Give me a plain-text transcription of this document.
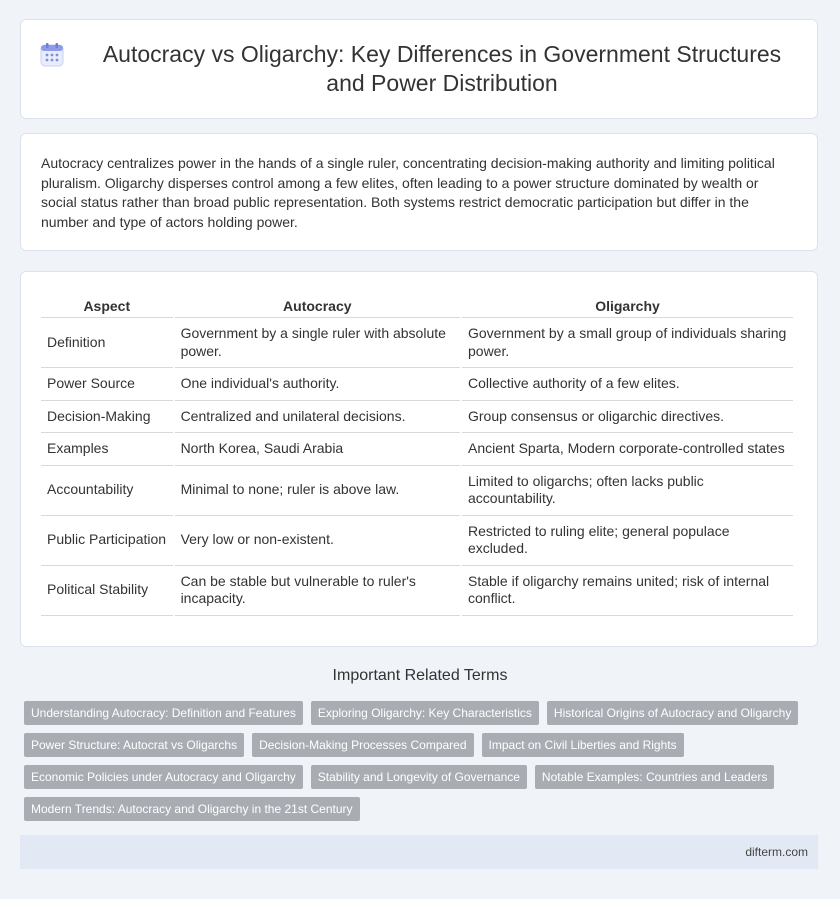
Autocracy vs Oligarchy: Key Differences in Government Structures and Power Distribution

Autocracy centralizes power in the hands of a single ruler, concentrating decision-making authority and limiting political pluralism. Oligarchy disperses control among a few elites, often leading to a power structure dominated by wealth or social status rather than broad public representation. Both systems restrict democratic participation but differ in the number and type of actors holding power.

Aspect	Autocracy	Oligarchy
Definition	Government by a single ruler with absolute power.	Government by a small group of individuals sharing power.
Power Source	One individual's authority.	Collective authority of a few elites.
Decision-Making	Centralized and unilateral decisions.	Group consensus or oligarchic directives.
Examples	North Korea, Saudi Arabia	Ancient Sparta, Modern corporate-controlled states
Accountability	Minimal to none; ruler is above law.	Limited to oligarchs; often lacks public accountability.
Public Participation	Very low or non-existent.	Restricted to ruling elite; general populace excluded.
Political Stability	Can be stable but vulnerable to ruler's incapacity.	Stable if oligarchy remains united; risk of internal conflict.
Important Related Terms
Understanding Autocracy: Definition and Features	Exploring Oligarchy: Key Characteristics	Historical Origins of Autocracy and Oligarchy
Power Structure: Autocrat vs Oligarchs	Decision-Making Processes Compared	Impact on Civil Liberties and Rights
Economic Policies under Autocracy and Oligarchy	Stability and Longevity of Governance	Notable Examples: Countries and Leaders
Modern Trends: Autocracy and Oligarchy in the 21st Century
difterm.com
